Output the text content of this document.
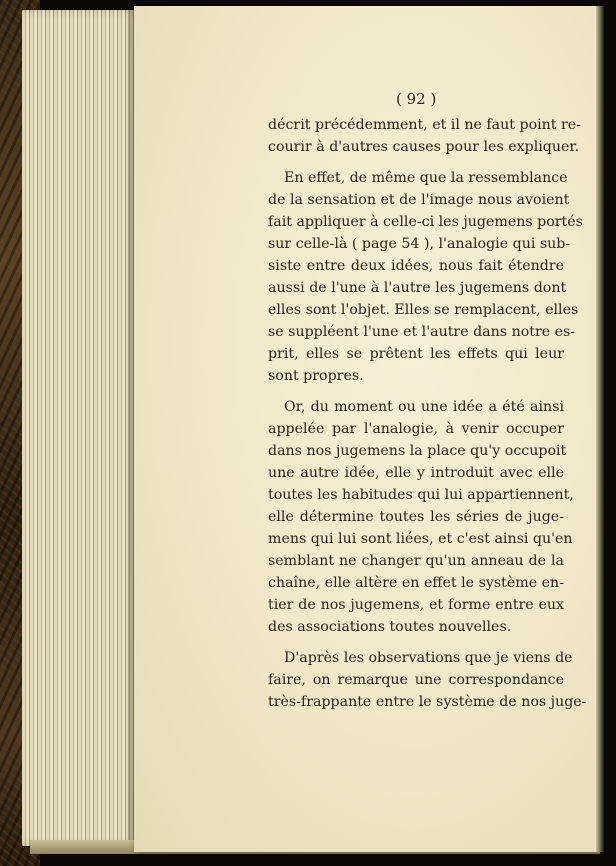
( 92 )
décrit précédemment, et il ne faut point re-
courir à d'autres causes pour les expliquer.
En effet, de même que la ressemblance
de la sensation et de l'image nous avoient
fait appliquer à celle-ci les jugemens portés
sur celle-là ( page 54 ), l'analogie qui sub-
siste entre deux idées, nous fait étendre
aussi de l'une à l'autre les jugemens dont
elles sont l'objet. Elles se remplacent, elles
se suppléent l'une et l'autre dans notre es-
prit, elles se prêtent les effets qui leur
sont propres.
Or, du moment ou une idée a été ainsi
appelée par l'analogie, à venir occuper
dans nos jugemens la place qu'y occupoit
une autre idée, elle y introduit avec elle
toutes les habitudes qui lui appartiennent,
elle détermine toutes les séries de juge-
mens qui lui sont liées, et c'est ainsi qu'en
semblant ne changer qu'un anneau de la
chaîne, elle altère en effet le système en-
tier de nos jugemens, et forme entre eux
des associations toutes nouvelles.
D'après les observations que je viens de
faire, on remarque une correspondance
très-frappante entre le système de nos juge-
